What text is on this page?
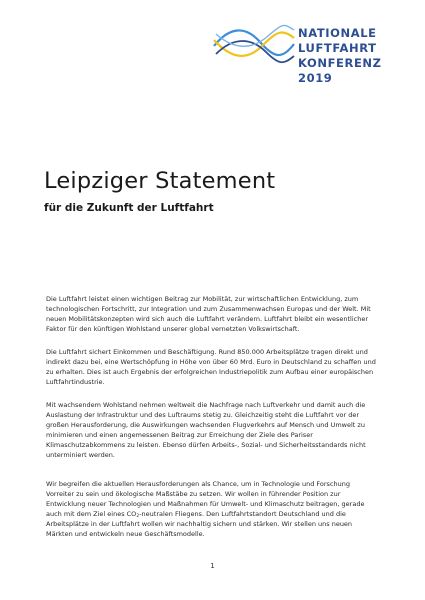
NATIONALE
LUFTFAHRT
KONFERENZ
2019
Leipziger Statement
für die Zukunft der Luftfahrt

Die Luftfahrt leistet einen wichtigen Beitrag zur Mobilität, zur wirtschaftlichen Entwicklung, zum technologischen Fortschritt, zur Integration und zum Zusammenwachsen Europas und der Welt. Mit neuen Mobilitätskonzepten wird sich auch die Luftfahrt verändern. Luftfahrt bleibt ein wesentlicher Faktor für den künftigen Wohlstand unserer global vernetzten Volkswirtschaft.

Die Luftfahrt sichert Einkommen und Beschäftigung. Rund 850.000 Arbeitsplätze tragen direkt und indirekt dazu bei, eine Wertschöpfung in Höhe von über 60 Mrd. Euro in Deutschland zu schaffen und zu erhalten. Dies ist auch Ergebnis der erfolgreichen Industriepolitik zum Aufbau einer europäischen Luftfahrtindustrie.

Mit wachsendem Wohlstand nehmen weltweit die Nachfrage nach Luftverkehr und damit auch die Auslastung der Infrastruktur und des Luftraums stetig zu. Gleichzeitig steht die Luftfahrt vor der großen Herausforderung, die Auswirkungen wachsenden Flugverkehrs auf Mensch und Umwelt zu minimieren und einen angemessenen Beitrag zur Erreichung der Ziele des Pariser Klimaschutzabkommens zu leisten. Ebenso dürfen Arbeits-, Sozial- und Sicherheitsstandards nicht unterminiert werden.

Wir begreifen die aktuellen Herausforderungen als Chance, um in Technologie und Forschung Vorreiter zu sein und ökologische Maßstäbe zu setzen. Wir wollen in führender Position zur Entwicklung neuer Technologien und Maßnahmen für Umwelt- und Klimaschutz beitragen, gerade auch mit dem Ziel eines $CO_2$-neutralen Fliegens. Den Luftfahrtstandort Deutschland und die Arbeitsplätze in der Luftfahrt wollen wir nachhaltig sichern und stärken. Wir stellen uns neuen Märkten und entwickeln neue Geschäftsmodelle.

1
